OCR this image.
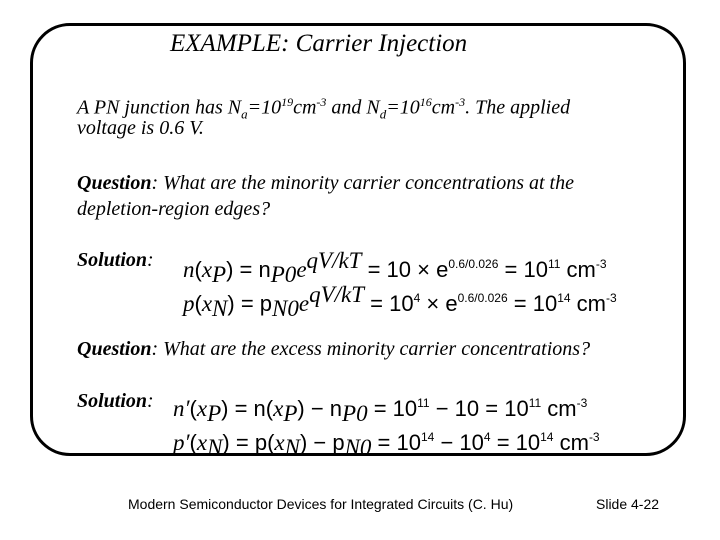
EXAMPLE: Carrier Injection
A PN junction has $N_a=10^{19}cm^{-3}$ and $N_d=10^{16}cm^{-3}$. The applied
voltage is 0.6 V.
Question: What are the minority carrier concentrations at the
depletion-region edges?
Solution: $n(x_P) = n_{P0}e^{qV/kT} = 10 \times e^{0.6/0.026} = 10^{11}$ $cm^{-3}$
$p(x_N) = p_{N0}e^{qV/kT} = 10^4 \times e^{0.6/0.026} = 10^{14}$ $cm^{-3}$
Question: What are the excess minority carrier concentrations?
Solution: $n'(x_P) = n(x_P) - n_{P0} = 10^{11} - 10 = 10^{11}$ $cm^{-3}$
$p'(x_N) = p(x_N) - p_{N0} = 10^{14} - 10^4 = 10^{14}$ $cm^{-3}$
Modern Semiconductor Devices for Integrated Circuits (C. Hu)	Slide 4-22
